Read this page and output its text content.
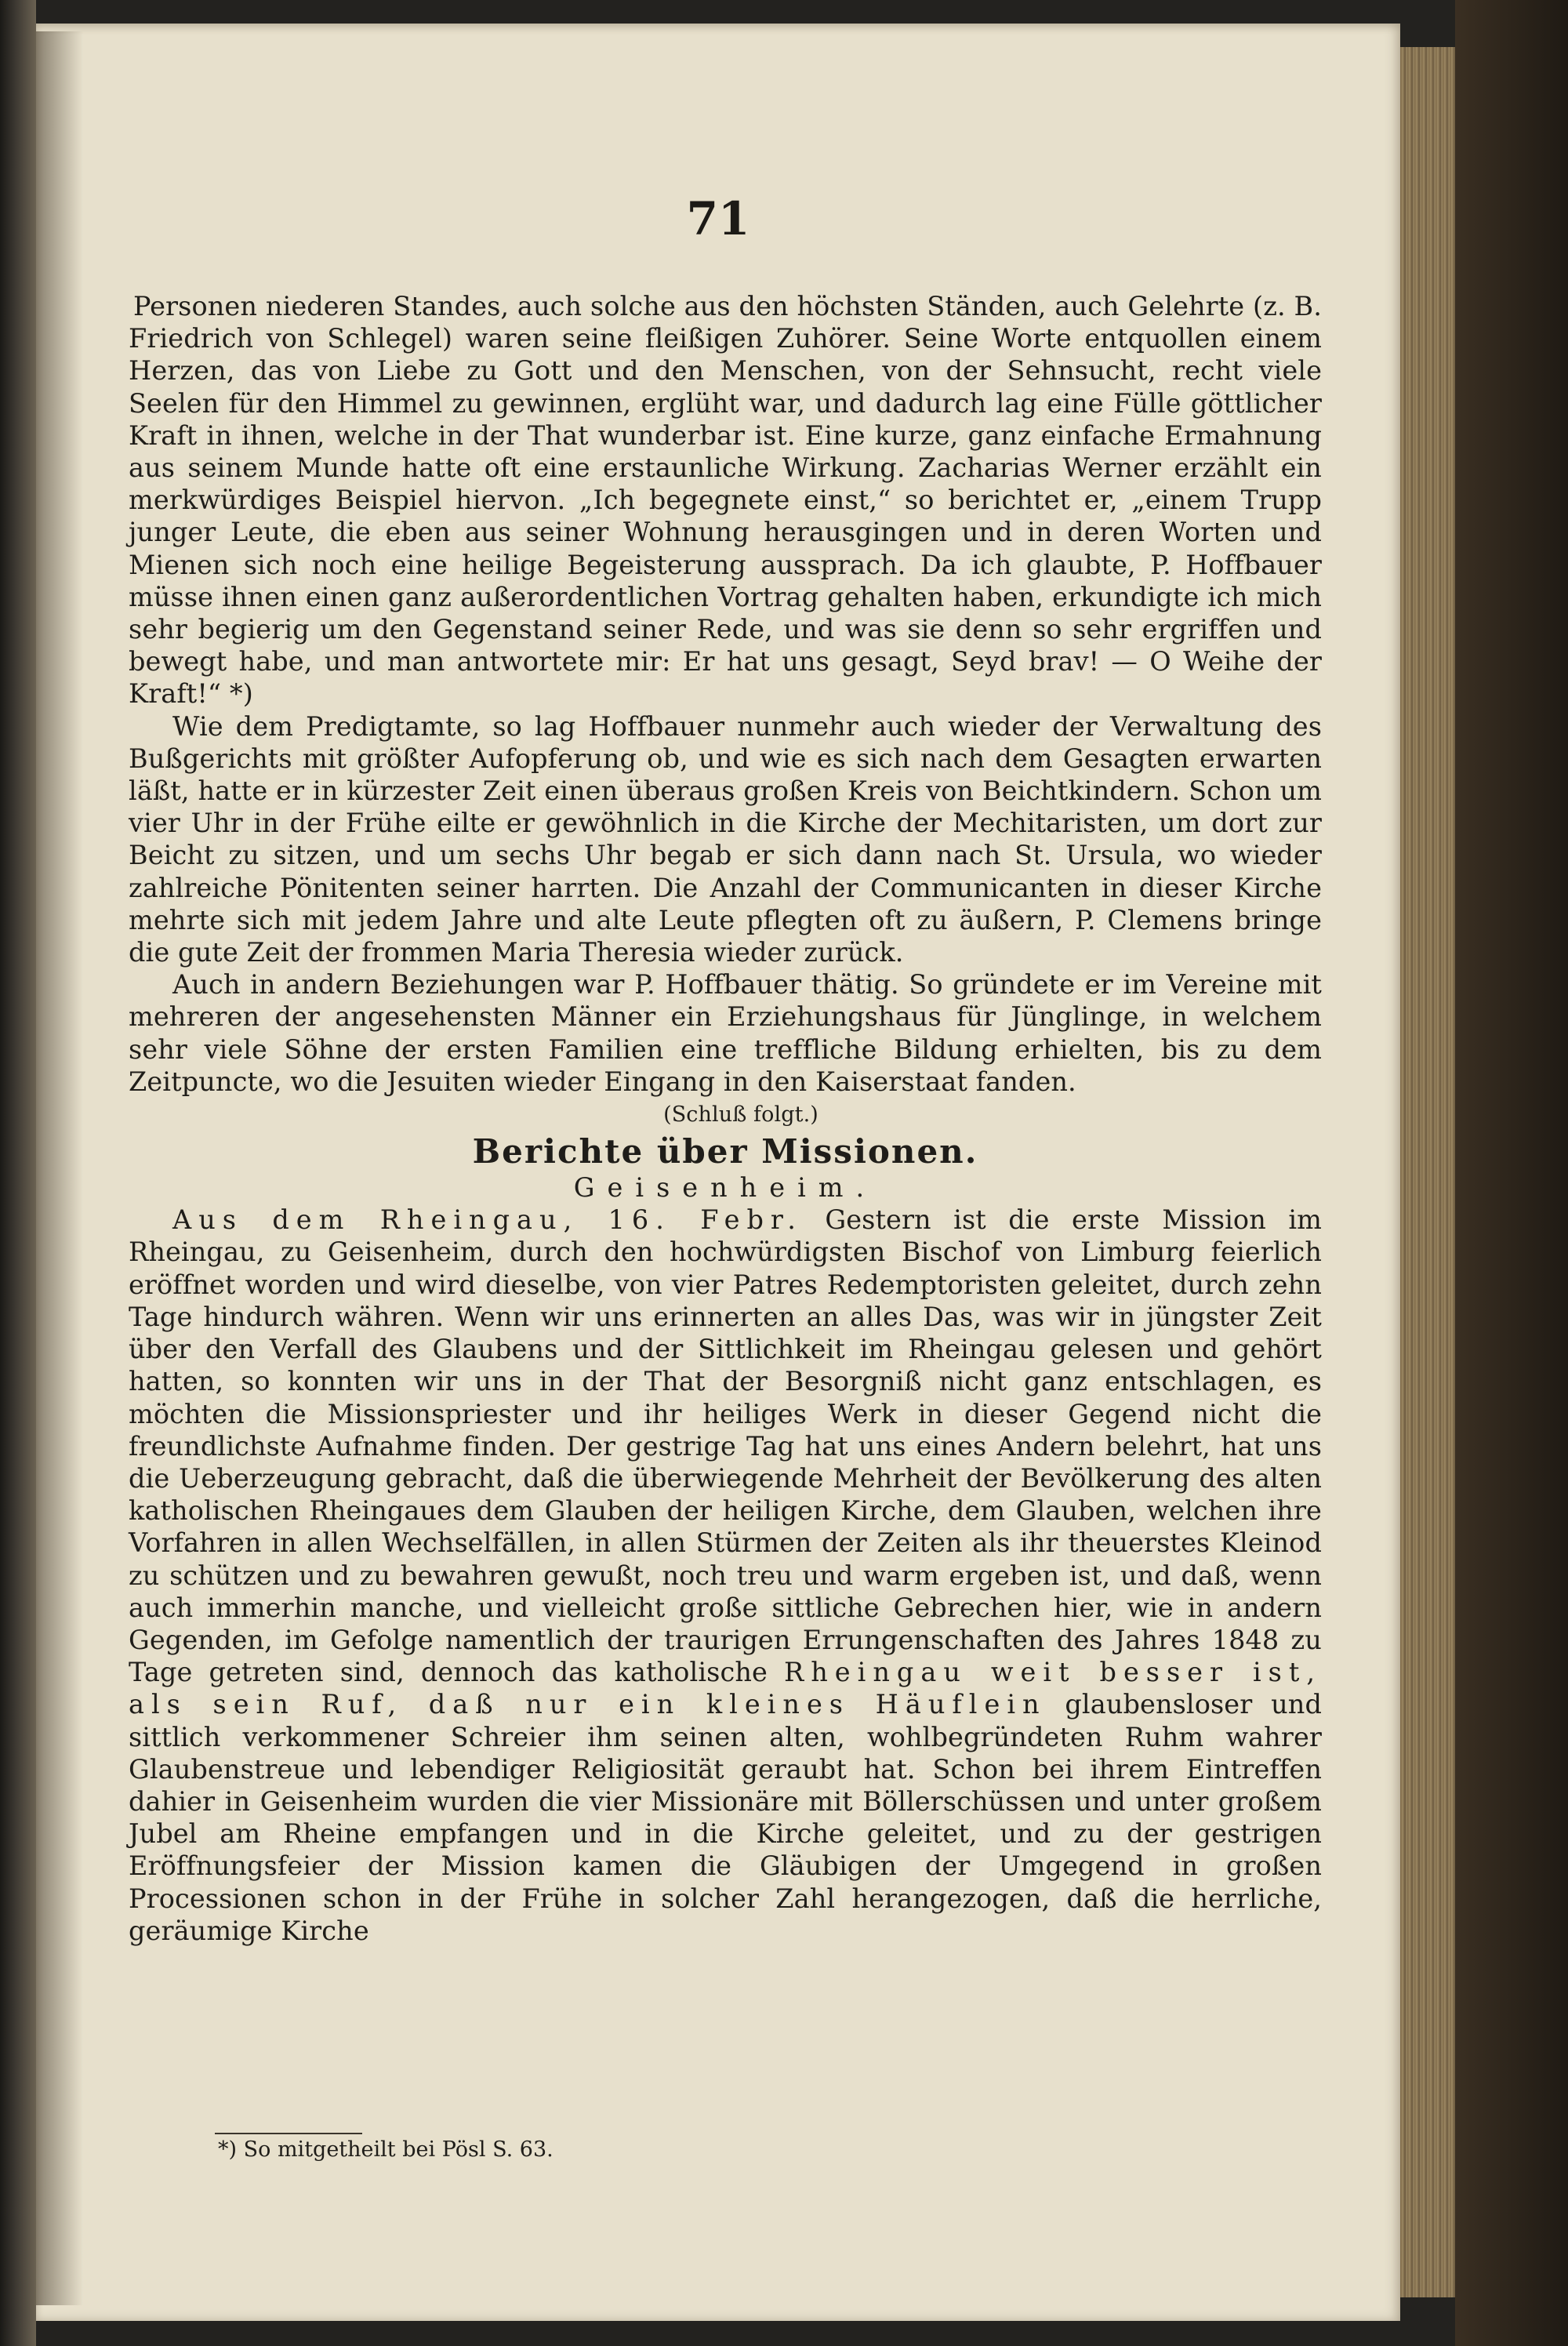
71

Personen niederen Standes, auch solche aus den höchsten Ständen, auch Gelehrte (z. B. Friedrich von Schlegel) waren seine fleißigen Zuhörer. Seine Worte entquollen einem Herzen, das von Liebe zu Gott und den Menschen, von der Sehnsucht, recht viele Seelen für den Himmel zu gewinnen, erglüht war, und dadurch lag eine Fülle göttlicher Kraft in ihnen, welche in der That wunderbar ist. Eine kurze, ganz einfache Ermahnung aus seinem Munde hatte oft eine erstaunliche Wirkung. Zacharias Werner erzählt ein merkwürdiges Beispiel hiervon. „Ich begegnete einst,“ so berichtet er, „einem Trupp junger Leute, die eben aus seiner Wohnung herausgingen und in deren Worten und Mienen sich noch eine heilige Begeisterung aussprach. Da ich glaubte, P. Hoffbauer müsse ihnen einen ganz außerordentlichen Vortrag gehalten haben, erkundigte ich mich sehr begierig um den Gegenstand seiner Rede, und was sie denn so sehr ergriffen und bewegt habe, und man antwortete mir: Er hat uns gesagt, Seyd brav! — O Weihe der Kraft!“ *)

Wie dem Predigtamte, so lag Hoffbauer nunmehr auch wieder der Verwaltung des Bußgerichts mit größter Aufopferung ob, und wie es sich nach dem Gesagten erwarten läßt, hatte er in kürzester Zeit einen überaus großen Kreis von Beichtkindern. Schon um vier Uhr in der Frühe eilte er gewöhnlich in die Kirche der Mechitaristen, um dort zur Beicht zu sitzen, und um sechs Uhr begab er sich dann nach St. Ursula, wo wieder zahlreiche Pönitenten seiner harrten. Die Anzahl der Communicanten in dieser Kirche mehrte sich mit jedem Jahre und alte Leute pflegten oft zu äußern, P. Clemens bringe die gute Zeit der frommen Maria Theresia wieder zurück.

Auch in andern Beziehungen war P. Hoffbauer thätig. So gründete er im Vereine mit mehreren der angesehensten Männer ein Erziehungshaus für Jünglinge, in welchem sehr viele Söhne der ersten Familien eine treffliche Bildung erhielten, bis zu dem Zeitpuncte, wo die Jesuiten wieder Eingang in den Kaiserstaat fanden.

(Schluß folgt.)

Berichte über Missionen.

Geisenheim.

Aus dem Rheingau, 16. Febr. Gestern ist die erste Mission im Rheingau, zu Geisenheim, durch den hochwürdigsten Bischof von Limburg feierlich eröffnet worden und wird dieselbe, von vier Patres Redemptoristen geleitet, durch zehn Tage hindurch währen. Wenn wir uns erinnerten an alles Das, was wir in jüngster Zeit über den Verfall des Glaubens und der Sittlichkeit im Rheingau gelesen und gehört hatten, so konnten wir uns in der That der Besorgniß nicht ganz entschlagen, es möchten die Missionspriester und ihr heiliges Werk in dieser Gegend nicht die freundlichste Aufnahme finden. Der gestrige Tag hat uns eines Andern belehrt, hat uns die Ueberzeugung gebracht, daß die überwiegende Mehrheit der Bevölkerung des alten katholischen Rheingaues dem Glauben der heiligen Kirche, dem Glauben, welchen ihre Vorfahren in allen Wechselfällen, in allen Stürmen der Zeiten als ihr theuerstes Kleinod zu schützen und zu bewahren gewußt, noch treu und warm ergeben ist, und daß, wenn auch immerhin manche, und vielleicht große sittliche Gebrechen hier, wie in andern Gegenden, im Gefolge namentlich der traurigen Errungenschaften des Jahres 1848 zu Tage getreten sind, dennoch das katholische Rheingau weit besser ist, als sein Ruf, daß nur ein kleines Häuflein glaubensloser und sittlich verkommener Schreier ihm seinen alten, wohlbegründeten Ruhm wahrer Glaubenstreue und lebendiger Religiosität geraubt hat. Schon bei ihrem Eintreffen dahier in Geisenheim wurden die vier Missionäre mit Böllerschüssen und unter großem Jubel am Rheine empfangen und in die Kirche geleitet, und zu der gestrigen Eröffnungsfeier der Mission kamen die Gläubigen der Umgegend in großen Processionen schon in der Frühe in solcher Zahl herangezogen, daß die herrliche, geräumige Kirche

*) So mitgetheilt bei Pösl S. 63.
